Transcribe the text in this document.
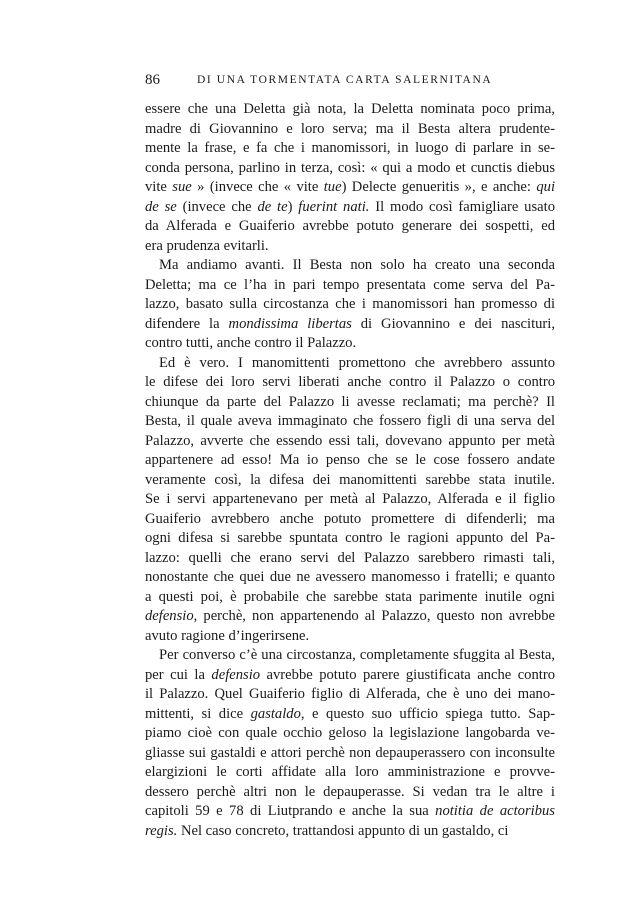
86	DI UNA TORMENTATA CARTA SALERNITANA
essere che una Deletta già nota, la Deletta nominata poco prima,
madre di Giovannino e loro serva; ma il Besta altera prudente-
mente la frase, e fa che i manomissori, in luogo di parlare in se-
conda persona, parlino in terza, così: « qui a modo et cunctis diebus
vite sue » (invece che « vite tue) Delecte genueritis », e anche: qui
de se (invece che de te) fuerint nati. Il modo così famigliare usato
da Alferada e Guaiferio avrebbe potuto generare dei sospetti, ed
era prudenza evitarli.
Ma andiamo avanti. Il Besta non solo ha creato una seconda
Deletta; ma ce l’ha in pari tempo presentata come serva del Pa-
lazzo, basato sulla circostanza che i manomissori han promesso di
difendere la mondissima libertas di Giovannino e dei nascituri,
contro tutti, anche contro il Palazzo.
Ed è vero. I manomittenti promettono che avrebbero assunto
le difese dei loro servi liberati anche contro il Palazzo o contro
chiunque da parte del Palazzo li avesse reclamati; ma perchè? Il
Besta, il quale aveva immaginato che fossero figli di una serva del
Palazzo, avverte che essendo essi tali, dovevano appunto per metà
appartenere ad esso! Ma io penso che se le cose fossero andate
veramente così, la difesa dei manomittenti sarebbe stata inutile.
Se i servi appartenevano per metà al Palazzo, Alferada e il figlio
Guaiferio avrebbero anche potuto promettere di difenderli; ma
ogni difesa si sarebbe spuntata contro le ragioni appunto del Pa-
lazzo: quelli che erano servi del Palazzo sarebbero rimasti tali,
nonostante che quei due ne avessero manomesso i fratelli; e quanto
a questi poi, è probabile che sarebbe stata parimente inutile ogni
defensio, perchè, non appartenendo al Palazzo, questo non avrebbe
avuto ragione d’ingerirsene.
Per converso c’è una circostanza, completamente sfuggita al Besta,
per cui la defensio avrebbe potuto parere giustificata anche contro
il Palazzo. Quel Guaiferio figlio di Alferada, che è uno dei mano-
mittenti, si dice gastaldo, e questo suo ufficio spiega tutto. Sap-
piamo cioè con quale occhio geloso la legislazione langobarda ve-
gliasse sui gastaldi e attori perchè non depauperassero con inconsulte
elargizioni le corti affidate alla loro amministrazione e provve-
dessero perchè altri non le depauperasse. Si vedan tra le altre i
capitoli 59 e 78 di Liutprando e anche la sua notitia de actoribus
regis. Nel caso concreto, trattandosi appunto di un gastaldo, ci
